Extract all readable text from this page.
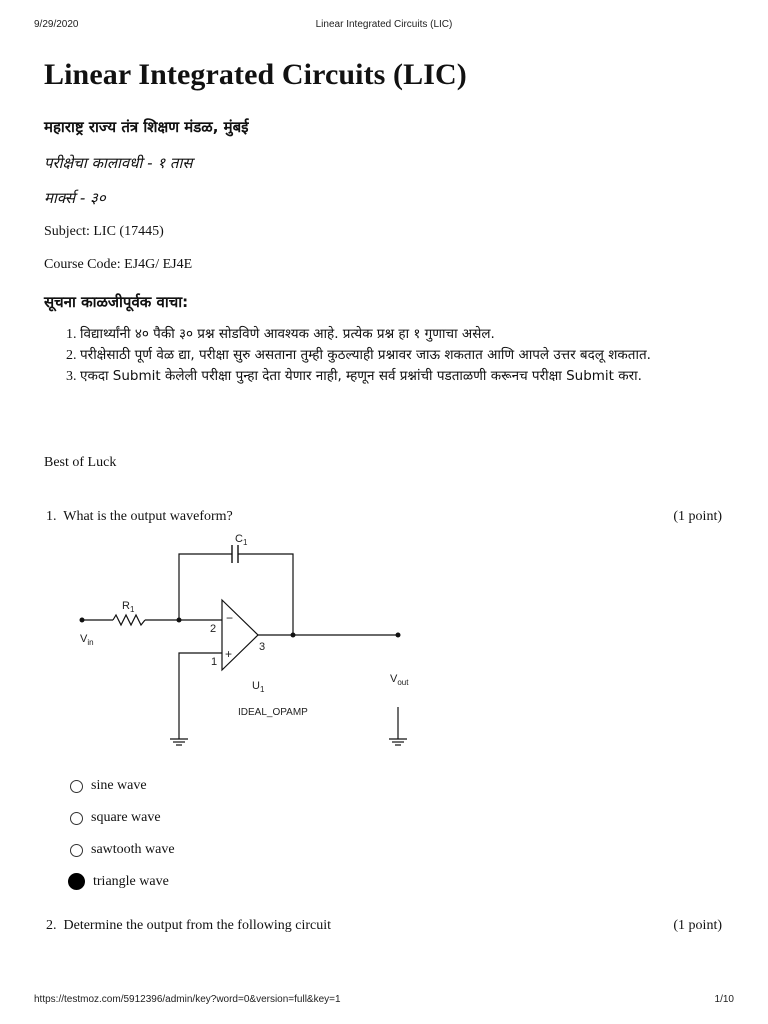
9/29/2020	Linear Integrated Circuits (LIC)
Linear Integrated Circuits (LIC)
महाराष्ट्र राज्य तंत्र शिक्षण मंडळ, मुंबई
परीक्षेचा कालावधी - १ तास
मार्क्स - ३०
Subject: LIC (17445)
Course Code: EJ4G/ EJ4E
सूचना काळजीपूर्वक वाचा:
1. विद्यार्थ्यांनी ४० पैकी ३० प्रश्न सोडविणे आवश्यक आहे. प्रत्येक प्रश्न हा १ गुणाचा असेल.
2. परीक्षेसाठी पूर्ण वेळ द्या, परीक्षा सुरु असताना तुम्ही कुठल्याही प्रश्नावर जाऊ शकतात आणि आपले उत्तर बदलू शकतात.
3. एकदा Submit केलेली परीक्षा पुन्हा देता येणार नाही, म्हणून सर्व प्रश्नांची पडताळणी करूनच परीक्षा Submit करा.
Best of Luck
1. What is the output waveform?	(1 point)
$C_1$
$R_1$
$V_{in}$
2
1
3
−
+
$V_{out}$
$U_1$
IDEAL_OPAMP
sine wave
square wave
sawtooth wave
triangle wave
2. Determine the output from the following circuit	(1 point)
https://testmoz.com/5912396/admin/key?word=0&version=full&key=1	1/10
